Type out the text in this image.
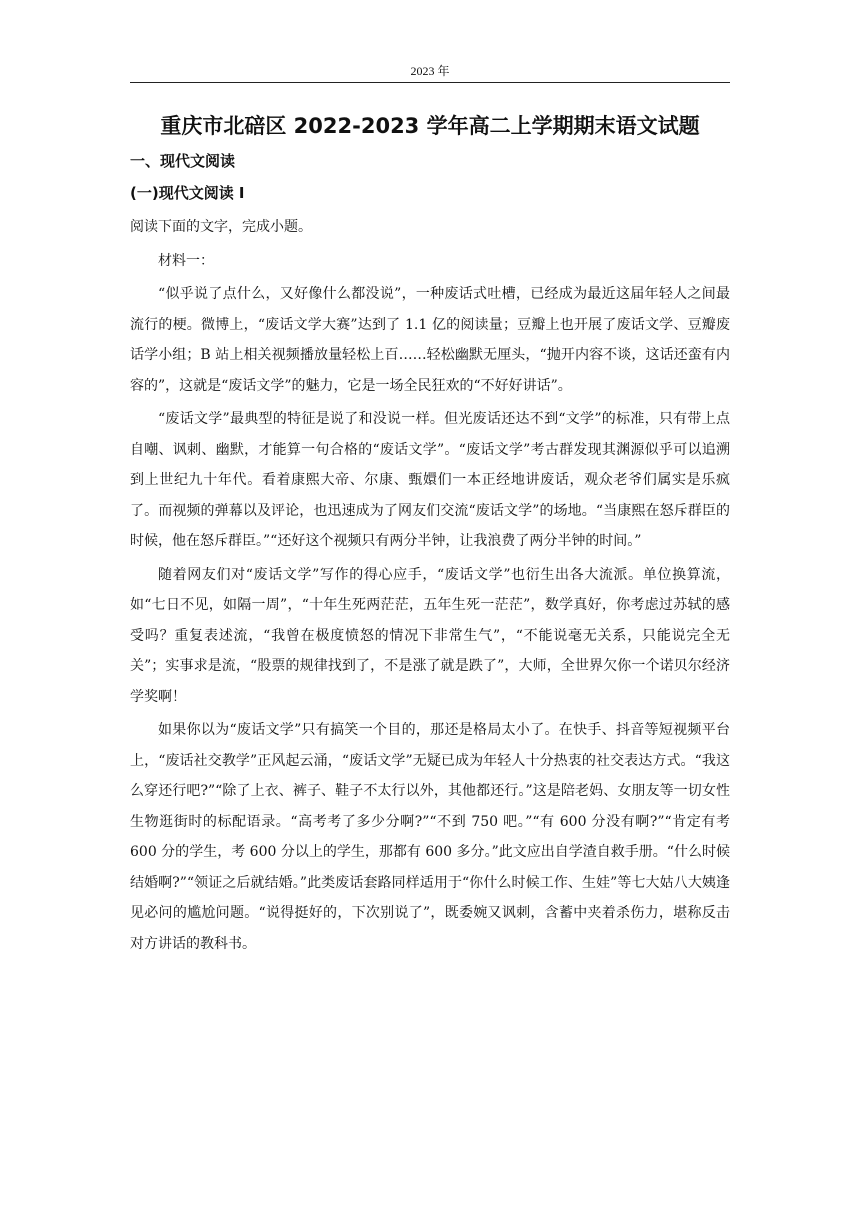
2023 年
重庆市北碚区 2022-2023 学年高二上学期期末语文试题
一、现代文阅读
(一)现代文阅读 I

阅读下面的文字，完成小题。

材料一：

“似乎说了点什么，又好像什么都没说”，一种废话式吐槽，已经成为最近这届年轻人之间最流行的梗。微博上，“废话文学大赛”达到了 1.1 亿的阅读量；豆瓣上也开展了废话文学、豆瓣废话学小组；B 站上相关视频播放量轻松上百……轻松幽默无厘头，“抛开内容不谈，这话还蛮有内容的”，这就是“废话文学”的魅力，它是一场全民狂欢的“不好好讲话”。

“废话文学”最典型的特征是说了和没说一样。但光废话还达不到“文学”的标准，只有带上点自嘲、讽刺、幽默，才能算一句合格的“废话文学”。“废话文学”考古群发现其渊源似乎可以追溯到上世纪九十年代。看着康熙大帝、尔康、甄嬛们一本正经地讲废话，观众老爷们属实是乐疯了。而视频的弹幕以及评论，也迅速成为了网友们交流“废话文学”的场地。“当康熙在怒斥群臣的时候，他在怒斥群臣。”“还好这个视频只有两分半钟，让我浪费了两分半钟的时间。”

随着网友们对“废话文学”写作的得心应手，“废话文学”也衍生出各大流派。单位换算流，如“七日不见，如隔一周”，“十年生死两茫茫，五年生死一茫茫”，数学真好，你考虑过苏轼的感受吗？重复表述流，“我曾在极度愤怒的情况下非常生气”，“不能说毫无关系，只能说完全无关”；实事求是流，“股票的规律找到了，不是涨了就是跌了”，大师，全世界欠你一个诺贝尔经济学奖啊！

如果你以为“废话文学”只有搞笑一个目的，那还是格局太小了。在快手、抖音等短视频平台上，“废话社交教学”正风起云涌，“废话文学”无疑已成为年轻人十分热衷的社交表达方式。“我这么穿还行吧?”“除了上衣、裤子、鞋子不太行以外，其他都还行。”这是陪老妈、女朋友等一切女性生物逛街时的标配语录。“高考考了多少分啊?”“不到 750 吧。”“有 600 分没有啊?”“肯定有考 600 分的学生，考 600 分以上的学生，那都有 600 多分。”此文应出自学渣自救手册。“什么时候结婚啊?”“领证之后就结婚。”此类废话套路同样适用于“你什么时候工作、生娃”等七大姑八大姨逢见必问的尴尬问题。“说得挺好的，下次别说了”，既委婉又讽刺，含蓄中夹着杀伤力，堪称反击对方讲话的教科书。
